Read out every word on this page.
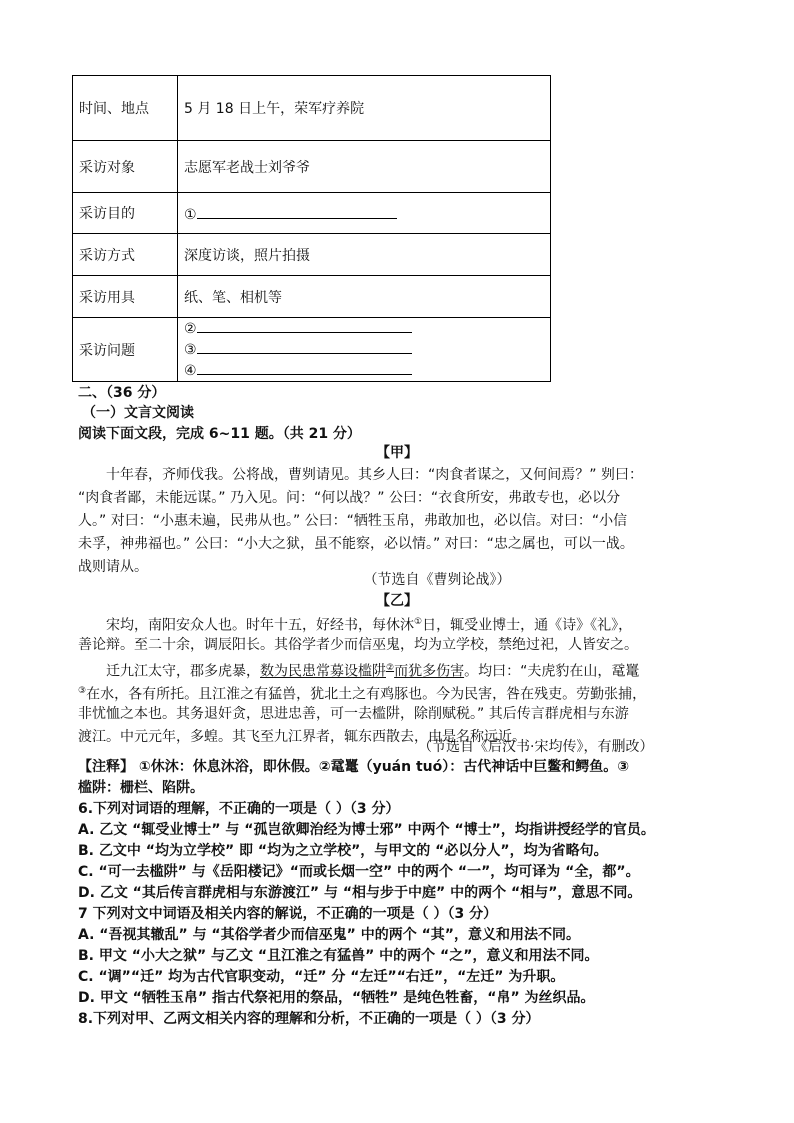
时间、地点	5 月 18 日上午，荣军疗养院
采访对象	志愿军老战士刘爷爷
采访目的	①
采访方式	深度访谈，照片拍摄
采访用具	纸、笔、相机等
采访问题	②
③
④
二、（36 分）
（一）文言文阅读
阅读下面文段，完成 6~11 题。（共 21 分）
【甲】
十年春，齐师伐我。公将战，曹刿请见。其乡人曰：“肉食者谋之，又何间焉？” 刿曰：
“肉食者鄙，未能远谋。” 乃入见。问：“何以战？” 公曰：“衣食所安，弗敢专也，必以分
人。” 对曰：“小惠未遍，民弗从也。” 公曰：“牺牲玉帛，弗敢加也，必以信。对曰：“小信
未孚，神弗福也。” 公曰：“小大之狱，虽不能察，必以情。” 对曰：“忠之属也，可以一战。
战则请从。
（节选自《曹刿论战》）
【乙】
宋均，南阳安众人也。时年十五，好经书，每休沐①日，辄受业博士，通《诗》《礼》，
善论辩。至二十余，调辰阳长。其俗学者少而信巫鬼，均为立学校，禁绝过祀，人皆安之。
迁九江太守，郡多虎暴，数为民患常募设槛阱②而犹多伤害。均曰：“夫虎豹在山，鼋鼍
③在水，各有所托。且江淮之有猛兽，犹北土之有鸡豚也。今为民害，咎在残吏。劳勤张捕，
非忧恤之本也。其务退奸贪，思进忠善，可一去槛阱，除削赋税。” 其后传言群虎相与东游
渡江。中元元年，多蝗。其飞至九江界者，辄东西散去，由是名称远近。
（节选自《后汉书·宋均传》，有删改）
【注释】 ①休沐：休息沐浴，即休假。②鼋鼍（yuán tuó）：古代神话中巨鳖和鳄鱼。③
槛阱：栅栏、陷阱。
6.下列对词语的理解，不正确的一项是（ ）（3 分）
A. 乙文 “辄受业博士” 与 “孤岂欲卿治经为博士邪” 中两个 “博士”，均指讲授经学的官员。
B. 乙文中 “均为立学校” 即 “均为之立学校”，与甲文的 “必以分人”，均为省略句。
C. “可一去槛阱” 与《岳阳楼记》“而或长烟一空” 中的两个 “一”，均可译为 “全，都”。
D. 乙文 “其后传言群虎相与东游渡江” 与 “相与步于中庭” 中的两个 “相与”，意思不同。
7 下列对文中词语及相关内容的解说，不正确的一项是（ ）（3 分）
A. “吾视其辙乱” 与 “其俗学者少而信巫鬼” 中的两个 “其”，意义和用法不同。
B. 甲文 “小大之狱” 与乙文 “且江淮之有猛兽” 中的两个 “之”，意义和用法不同。
C. “调”“迁” 均为古代官职变动，“迁” 分 “左迁”“右迁”，“左迁” 为升职。
D. 甲文 “牺牲玉帛” 指古代祭祀用的祭品，“牺牲” 是纯色牲畜，“帛” 为丝织品。
8.下列对甲、乙两文相关内容的理解和分析，不正确的一项是（ ）（3 分）
